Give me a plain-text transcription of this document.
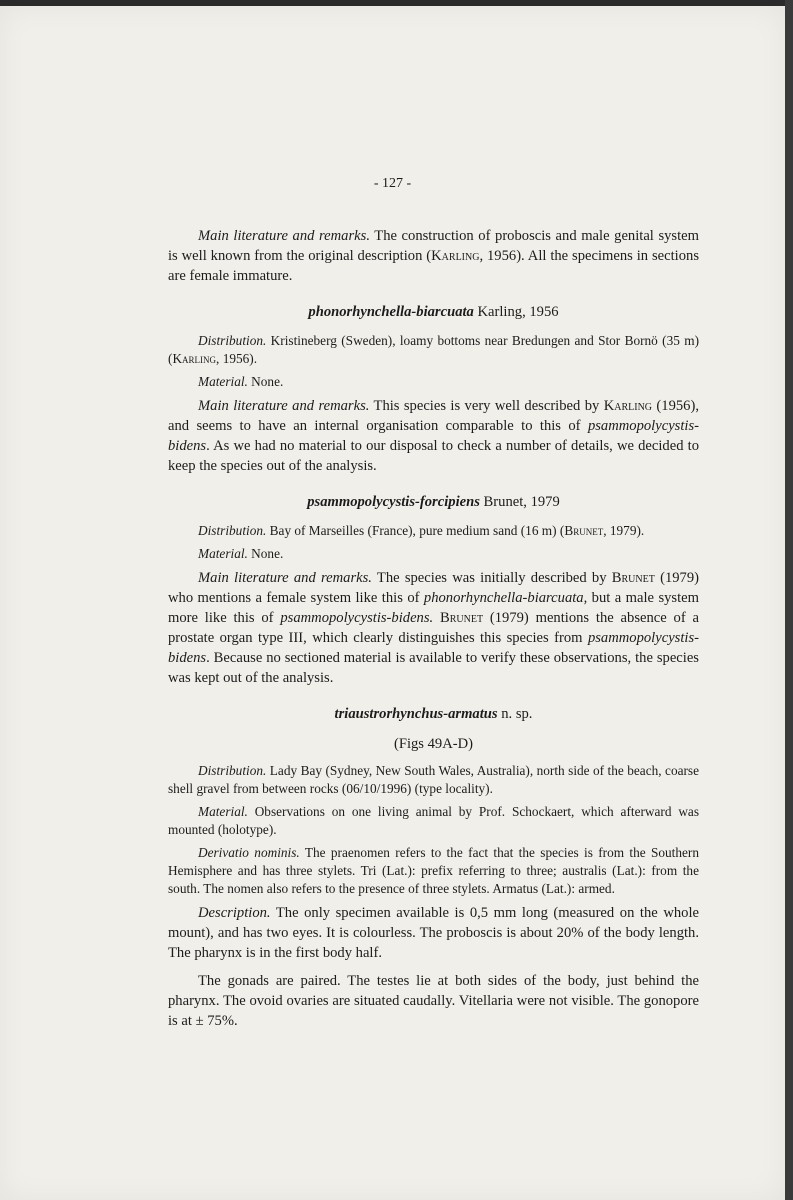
- 127 -

Main literature and remarks. The construction of proboscis and male genital system is well known from the original description (Karling, 1956). All the specimens in sections are female immature.

phonorhynchella-biarcuata Karling, 1956

Distribution. Kristineberg (Sweden), loamy bottoms near Bredungen and Stor Bornö (35 m) (Karling, 1956).

Material. None.

Main literature and remarks. This species is very well described by Karling (1956), and seems to have an internal organisation comparable to this of psammopolycystis-bidens. As we had no material to our disposal to check a number of details, we decided to keep the species out of the analysis.

psammopolycystis-forcipiens Brunet, 1979

Distribution. Bay of Marseilles (France), pure medium sand (16 m) (Brunet, 1979).

Material. None.

Main literature and remarks. The species was initially described by Brunet (1979) who mentions a female system like this of phonorhynchella-biarcuata, but a male system more like this of psammopolycystis-bidens. Brunet (1979) mentions the absence of a prostate organ type III, which clearly distinguishes this species from psammopolycystis-bidens. Because no sectioned material is available to verify these observations, the species was kept out of the analysis.

triaustrorhynchus-armatus n. sp.
(Figs 49A-D)

Distribution. Lady Bay (Sydney, New South Wales, Australia), north side of the beach, coarse shell gravel from between rocks (06/10/1996) (type locality).

Material. Observations on one living animal by Prof. Schockaert, which afterward was mounted (holotype).

Derivatio nominis. The praenomen refers to the fact that the species is from the Southern Hemisphere and has three stylets. Tri (Lat.): prefix referring to three; australis (Lat.): from the south. The nomen also refers to the presence of three stylets. Armatus (Lat.): armed.

Description. The only specimen available is 0,5 mm long (measured on the whole mount), and has two eyes. It is colourless. The proboscis is about 20% of the body length. The pharynx is in the first body half.

The gonads are paired. The testes lie at both sides of the body, just behind the pharynx. The ovoid ovaries are situated caudally. Vitellaria were not visible. The gonopore is at ± 75%.
